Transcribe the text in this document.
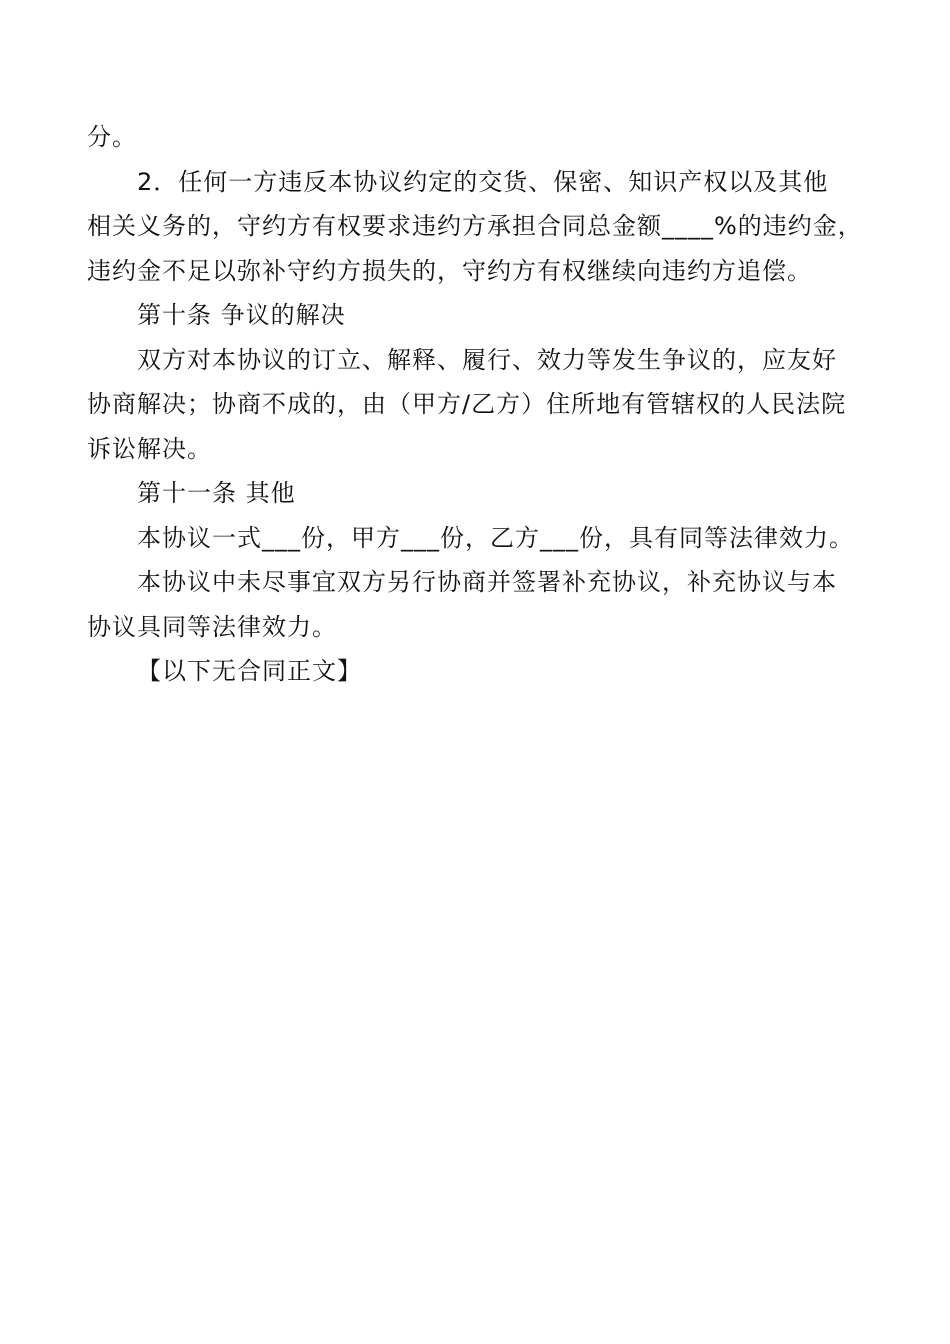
分。
2．任何一方违反本协议约定的交货、保密、知识产权以及其他
相关义务的，守约方有权要求违约方承担合同总金额____%的违约金，
违约金不足以弥补守约方损失的，守约方有权继续向违约方追偿。
第十条 争议的解决
双方对本协议的订立、解释、履行、效力等发生争议的，应友好
协商解决；协商不成的，由（甲方/乙方）住所地有管辖权的人民法院
诉讼解决。
第十一条 其他
本协议一式___份，甲方___份，乙方___份，具有同等法律效力。
本协议中未尽事宜双方另行协商并签署补充协议，补充协议与本
协议具同等法律效力。
【以下无合同正文】
